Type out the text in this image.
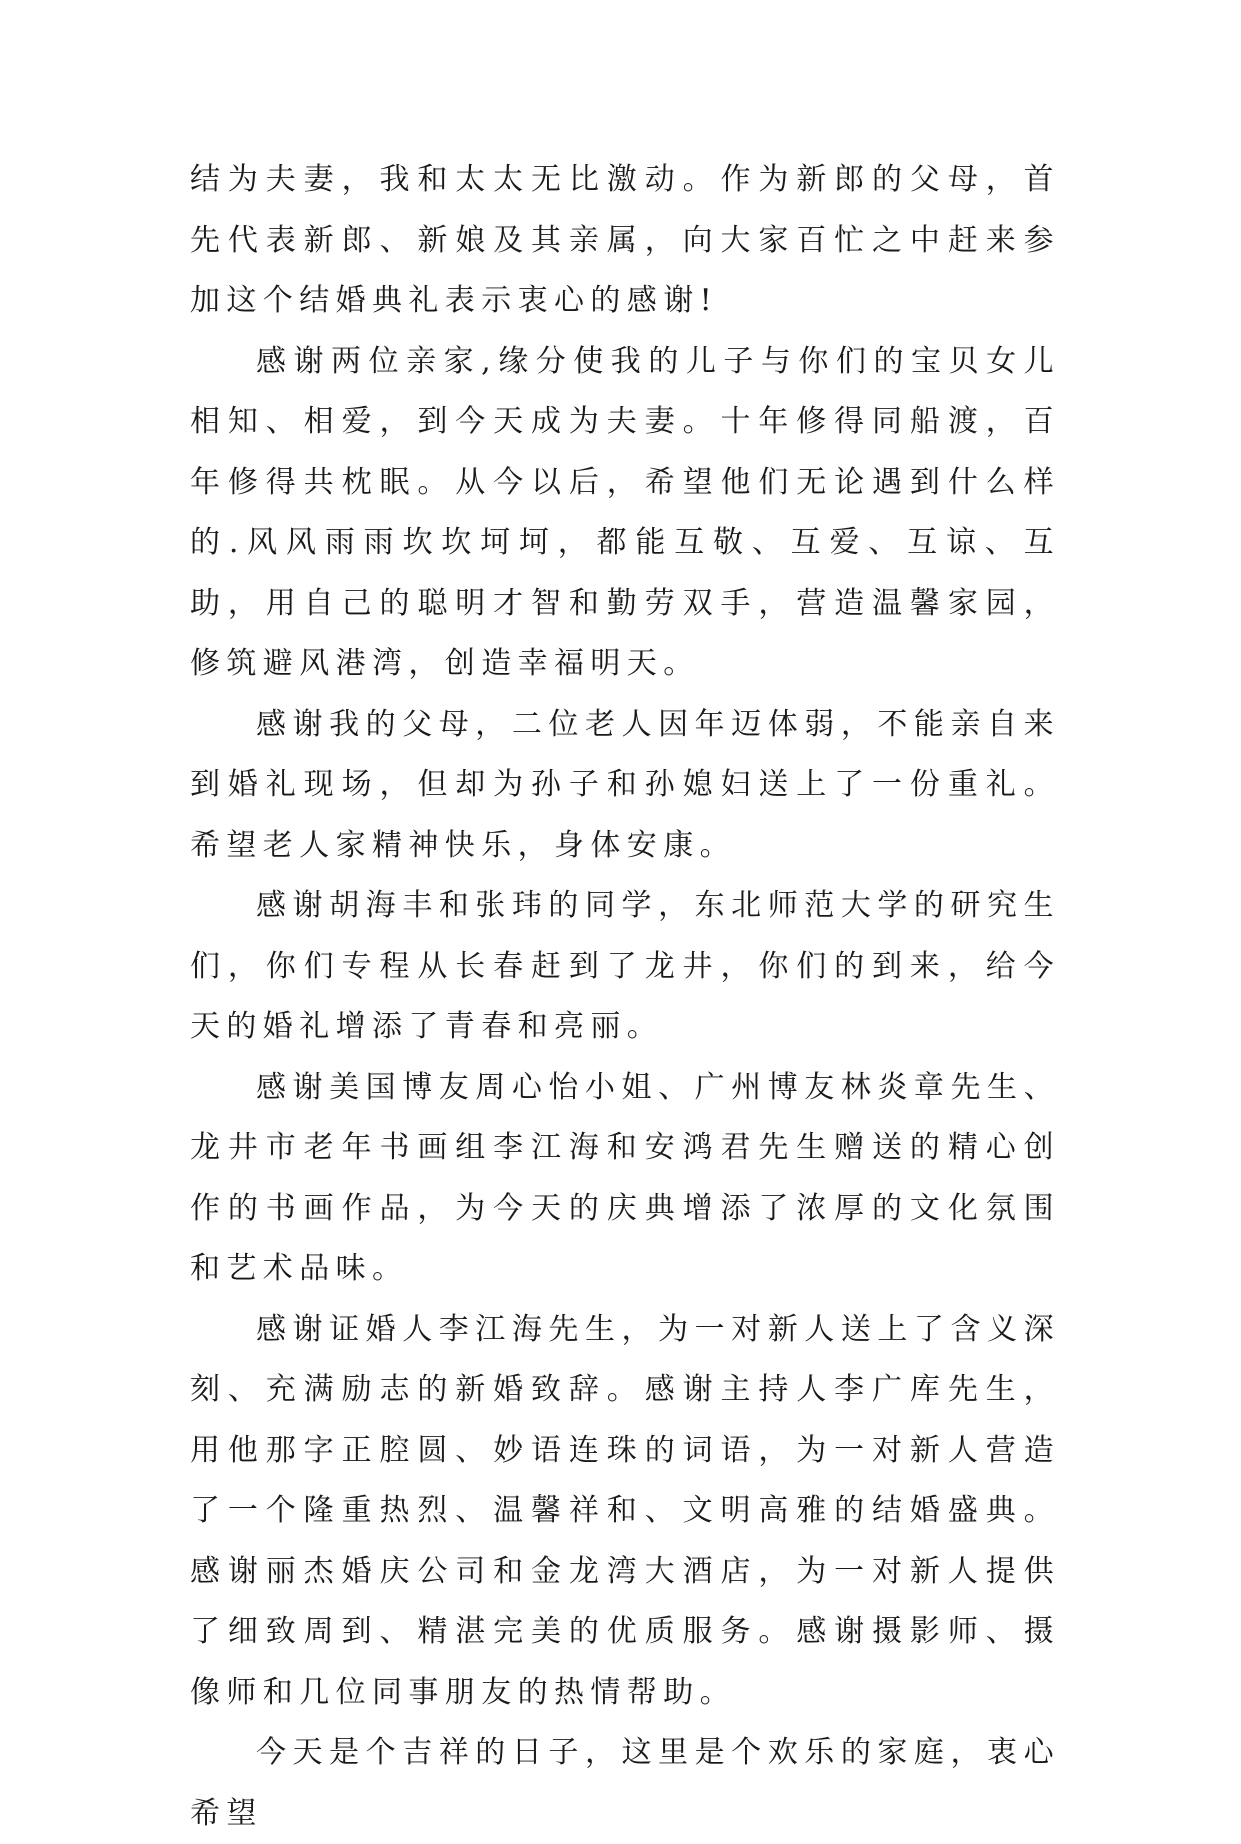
结为夫妻，我和太太无比激动。作为新郎的父母，首先代表新郎、新娘及其亲属，向大家百忙之中赶来参加这个结婚典礼表示衷心的感谢!

感谢两位亲家,缘分使我的儿子与你们的宝贝女儿相知、相爱，到今天成为夫妻。十年修得同船渡，百年修得共枕眠。从今以后，希望他们无论遇到什么样的.风风雨雨坎坎坷坷，都能互敬、互爱、互谅、互助，用自己的聪明才智和勤劳双手，营造温馨家园，修筑避风港湾，创造幸福明天。

感谢我的父母，二位老人因年迈体弱，不能亲自来到婚礼现场，但却为孙子和孙媳妇送上了一份重礼。希望老人家精神快乐，身体安康。

感谢胡海丰和张玮的同学，东北师范大学的研究生们，你们专程从长春赶到了龙井，你们的到来，给今天的婚礼增添了青春和亮丽。

感谢美国博友周心怡小姐、广州博友林炎章先生、龙井市老年书画组李江海和安鸿君先生赠送的精心创作的书画作品，为今天的庆典增添了浓厚的文化氛围和艺术品味。

感谢证婚人李江海先生，为一对新人送上了含义深刻、充满励志的新婚致辞。感谢主持人李广库先生，用他那字正腔圆、妙语连珠的词语，为一对新人营造了一个隆重热烈、温馨祥和、文明高雅的结婚盛典。感谢丽杰婚庆公司和金龙湾大酒店，为一对新人提供了细致周到、精湛完美的优质服务。感谢摄影师、摄像师和几位同事朋友的热情帮助。

今天是个吉祥的日子，这里是个欢乐的家庭，衷心希望
